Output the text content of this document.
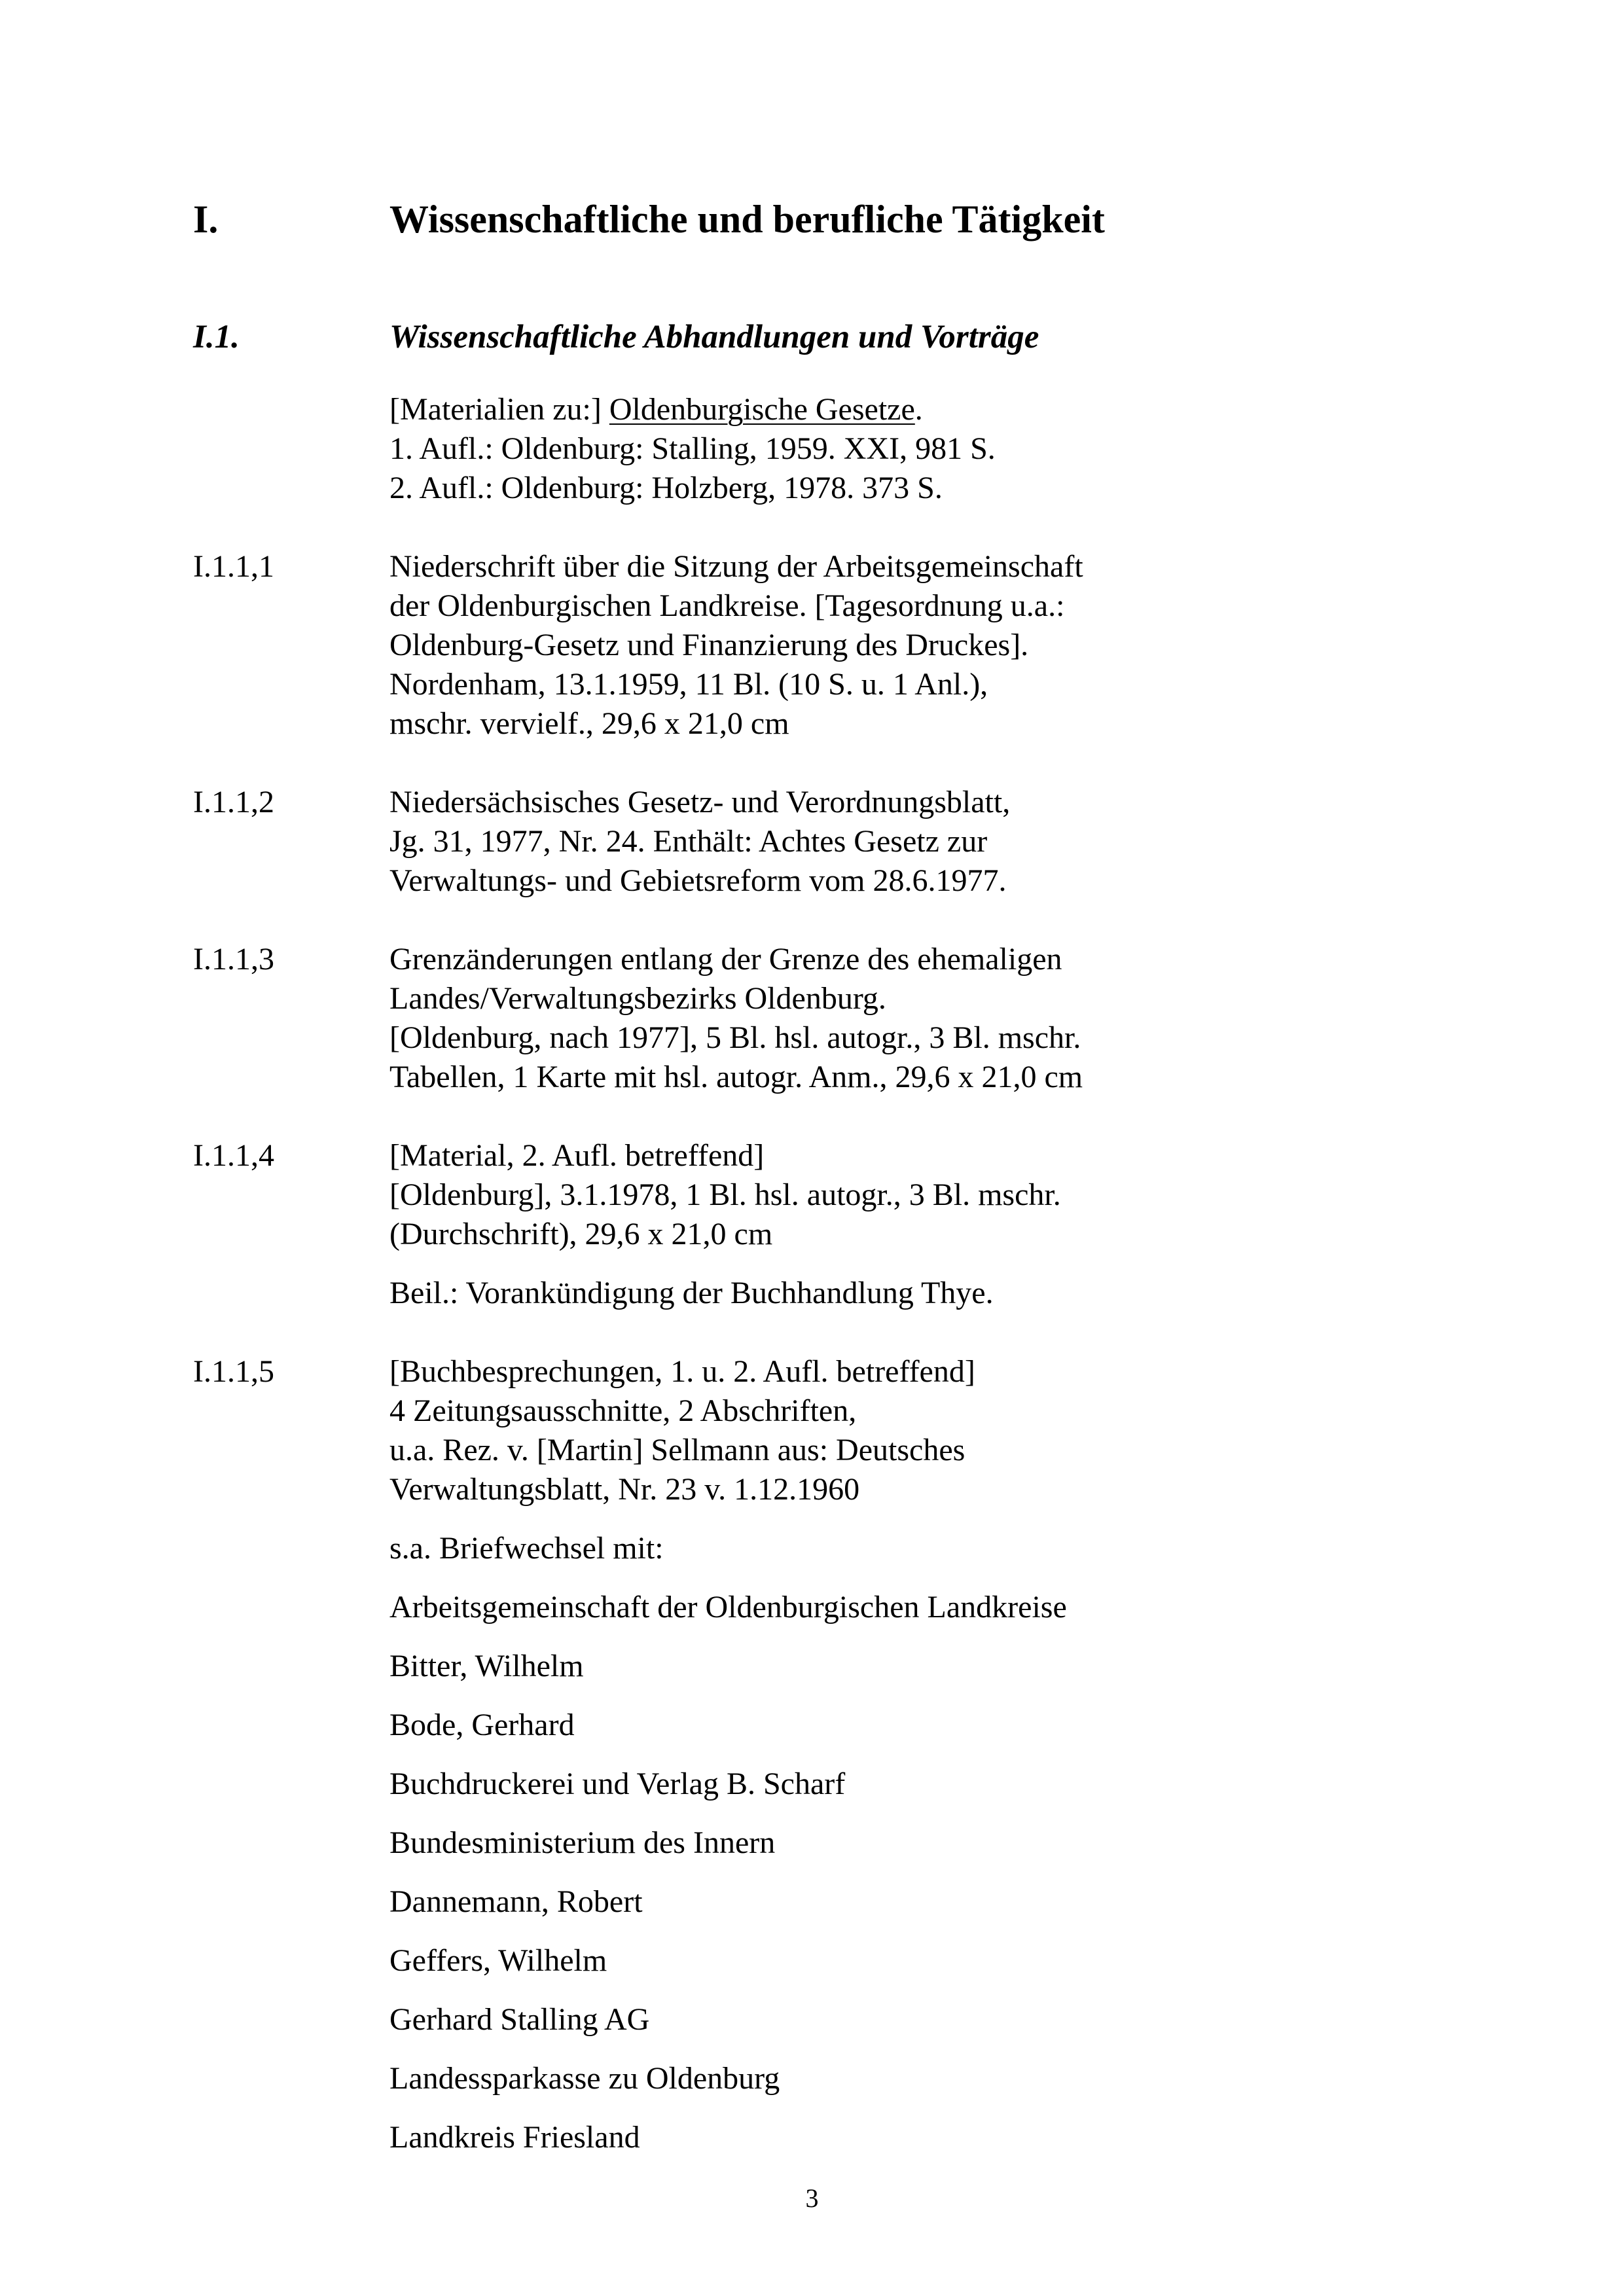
I.	Wissenschaftliche und berufliche Tätigkeit
I.1.	Wissenschaftliche Abhandlungen und Vorträge
[Materialien zu:] Oldenburgische Gesetze.
1. Aufl.: Oldenburg: Stalling, 1959. XXI, 981 S.
2. Aufl.: Oldenburg: Holzberg, 1978. 373 S.
I.1.1,1	Niederschrift über die Sitzung der Arbeitsgemeinschaft
der Oldenburgischen Landkreise. [Tagesordnung u.a.:
Oldenburg-Gesetz und Finanzierung des Druckes].
Nordenham, 13.1.1959, 11 Bl. (10 S. u. 1 Anl.),
mschr. vervielf., 29,6 x 21,0 cm
I.1.1,2	Niedersächsisches Gesetz- und Verordnungsblatt,
Jg. 31, 1977, Nr. 24. Enthält: Achtes Gesetz zur
Verwaltungs- und Gebietsreform vom 28.6.1977.
I.1.1,3	Grenzänderungen entlang der Grenze des ehemaligen
Landes/Verwaltungsbezirks Oldenburg.
[Oldenburg, nach 1977], 5 Bl. hsl. autogr., 3 Bl. mschr.
Tabellen, 1 Karte mit hsl. autogr. Anm., 29,6 x 21,0 cm
I.1.1,4	[Material, 2. Aufl. betreffend]
[Oldenburg], 3.1.1978, 1 Bl. hsl. autogr., 3 Bl. mschr.
(Durchschrift), 29,6 x 21,0 cm
Beil.: Vorankündigung der Buchhandlung Thye.
I.1.1,5	[Buchbesprechungen, 1. u. 2. Aufl. betreffend]
4 Zeitungsausschnitte, 2 Abschriften,
u.a. Rez. v. [Martin] Sellmann aus: Deutsches
Verwaltungsblatt, Nr. 23 v. 1.12.1960
s.a. Briefwechsel mit:
Arbeitsgemeinschaft der Oldenburgischen Landkreise
Bitter, Wilhelm
Bode, Gerhard
Buchdruckerei und Verlag B. Scharf
Bundesministerium des Innern
Dannemann, Robert
Geffers, Wilhelm
Gerhard Stalling AG
Landessparkasse zu Oldenburg
Landkreis Friesland
3
